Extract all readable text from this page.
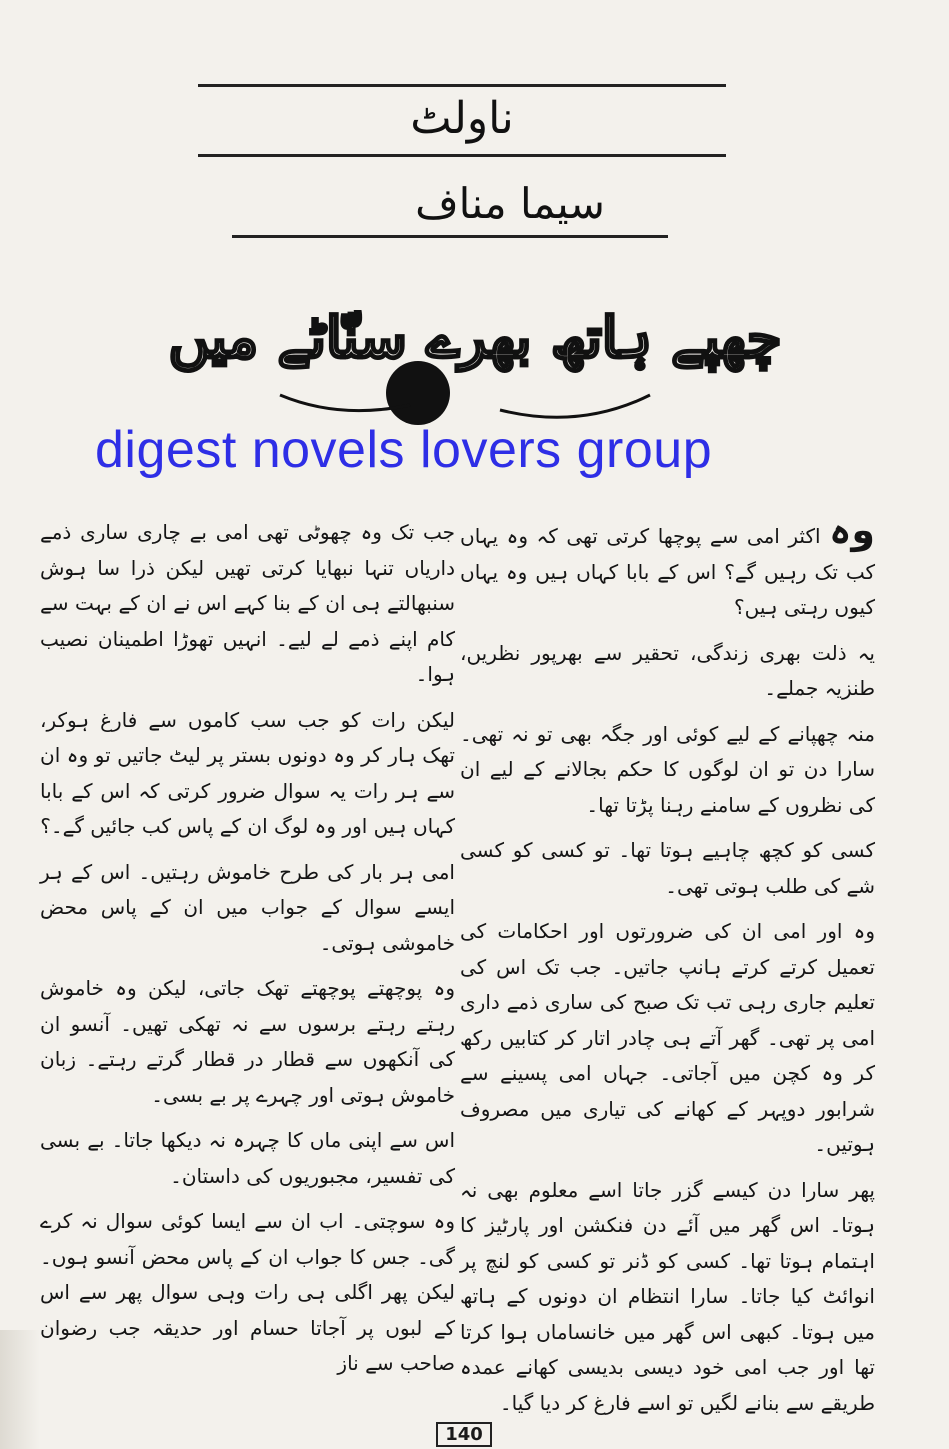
ناولٹ
سیما مناف
چھپے ہاتھ بھرے سنّاٹے میں
digest novels lovers group

وہ اکثر امی سے پوچھا کرتی تھی کہ وہ یہاں کب تک رہیں گے؟ اس کے بابا کہاں ہیں وہ یہاں کیوں رہتی ہیں؟

یہ ذلت بھری زندگی، تحقیر سے بھرپور نظریں، طنزیہ جملے۔

منہ چھپانے کے لیے کوئی اور جگہ بھی تو نہ تھی۔ سارا دن تو ان لوگوں کا حکم بجالانے کے لیے ان کی نظروں کے سامنے رہنا پڑتا تھا۔

کسی کو کچھ چاہیے ہوتا تھا۔ تو کسی کو کسی شے کی طلب ہوتی تھی۔

وہ اور امی ان کی ضرورتوں اور احکامات کی تعمیل کرتے کرتے ہانپ جاتیں۔ جب تک اس کی تعلیم جاری رہی تب تک صبح کی ساری ذمے داری امی پر تھی۔ گھر آتے ہی چادر اتار کر کتابیں رکھ کر وہ کچن میں آجاتی۔ جہاں امی پسینے سے شرابور دوپہر کے کھانے کی تیاری میں مصروف ہوتیں۔

پھر سارا دن کیسے گزر جاتا اسے معلوم بھی نہ ہوتا۔ اس گھر میں آئے دن فنکشن اور پارٹیز کا اہتمام ہوتا تھا۔ کسی کو ڈنر تو کسی کو لنچ پر انوائٹ کیا جاتا۔ سارا انتظام ان دونوں کے ہاتھ میں ہوتا۔ کبھی اس گھر میں خانساماں ہوا کرتا تھا اور جب امی خود دیسی بدیسی کھانے عمدہ طریقے سے بنانے لگیں تو اسے فارغ کر دیا گیا۔

جب تک وہ چھوٹی تھی امی بے چاری ساری ذمے داریاں تنہا نبھایا کرتی تھیں لیکن ذرا سا ہوش سنبھالتے ہی ان کے بنا کہے اس نے ان کے بہت سے کام اپنے ذمے لے لیے۔ انہیں تھوڑا اطمینان نصیب ہوا۔

لیکن رات کو جب سب کاموں سے فارغ ہوکر، تھک ہار کر وہ دونوں بستر پر لیٹ جاتیں تو وہ ان سے ہر رات یہ سوال ضرور کرتی کہ اس کے بابا کہاں ہیں اور وہ لوگ ان کے پاس کب جائیں گے۔؟

امی ہر بار کی طرح خاموش رہتیں۔ اس کے ہر ایسے سوال کے جواب میں ان کے پاس محض خاموشی ہوتی۔

وہ پوچھتے پوچھتے تھک جاتی، لیکن وہ خاموش رہتے رہتے برسوں سے نہ تھکی تھیں۔ آنسو ان کی آنکھوں سے قطار در قطار گرتے رہتے۔ زبان خاموش ہوتی اور چہرے پر بے بسی۔

اس سے اپنی ماں کا چہرہ نہ دیکھا جاتا۔ بے بسی کی تفسیر، مجبوریوں کی داستان۔

وہ سوچتی۔ اب ان سے ایسا کوئی سوال نہ کرے گی۔ جس کا جواب ان کے پاس محض آنسو ہوں۔ لیکن پھر اگلی ہی رات وہی سوال پھر سے اس کے لبوں پر آجاتا حسام اور حدیقہ جب رضوان صاحب سے ناز

140
